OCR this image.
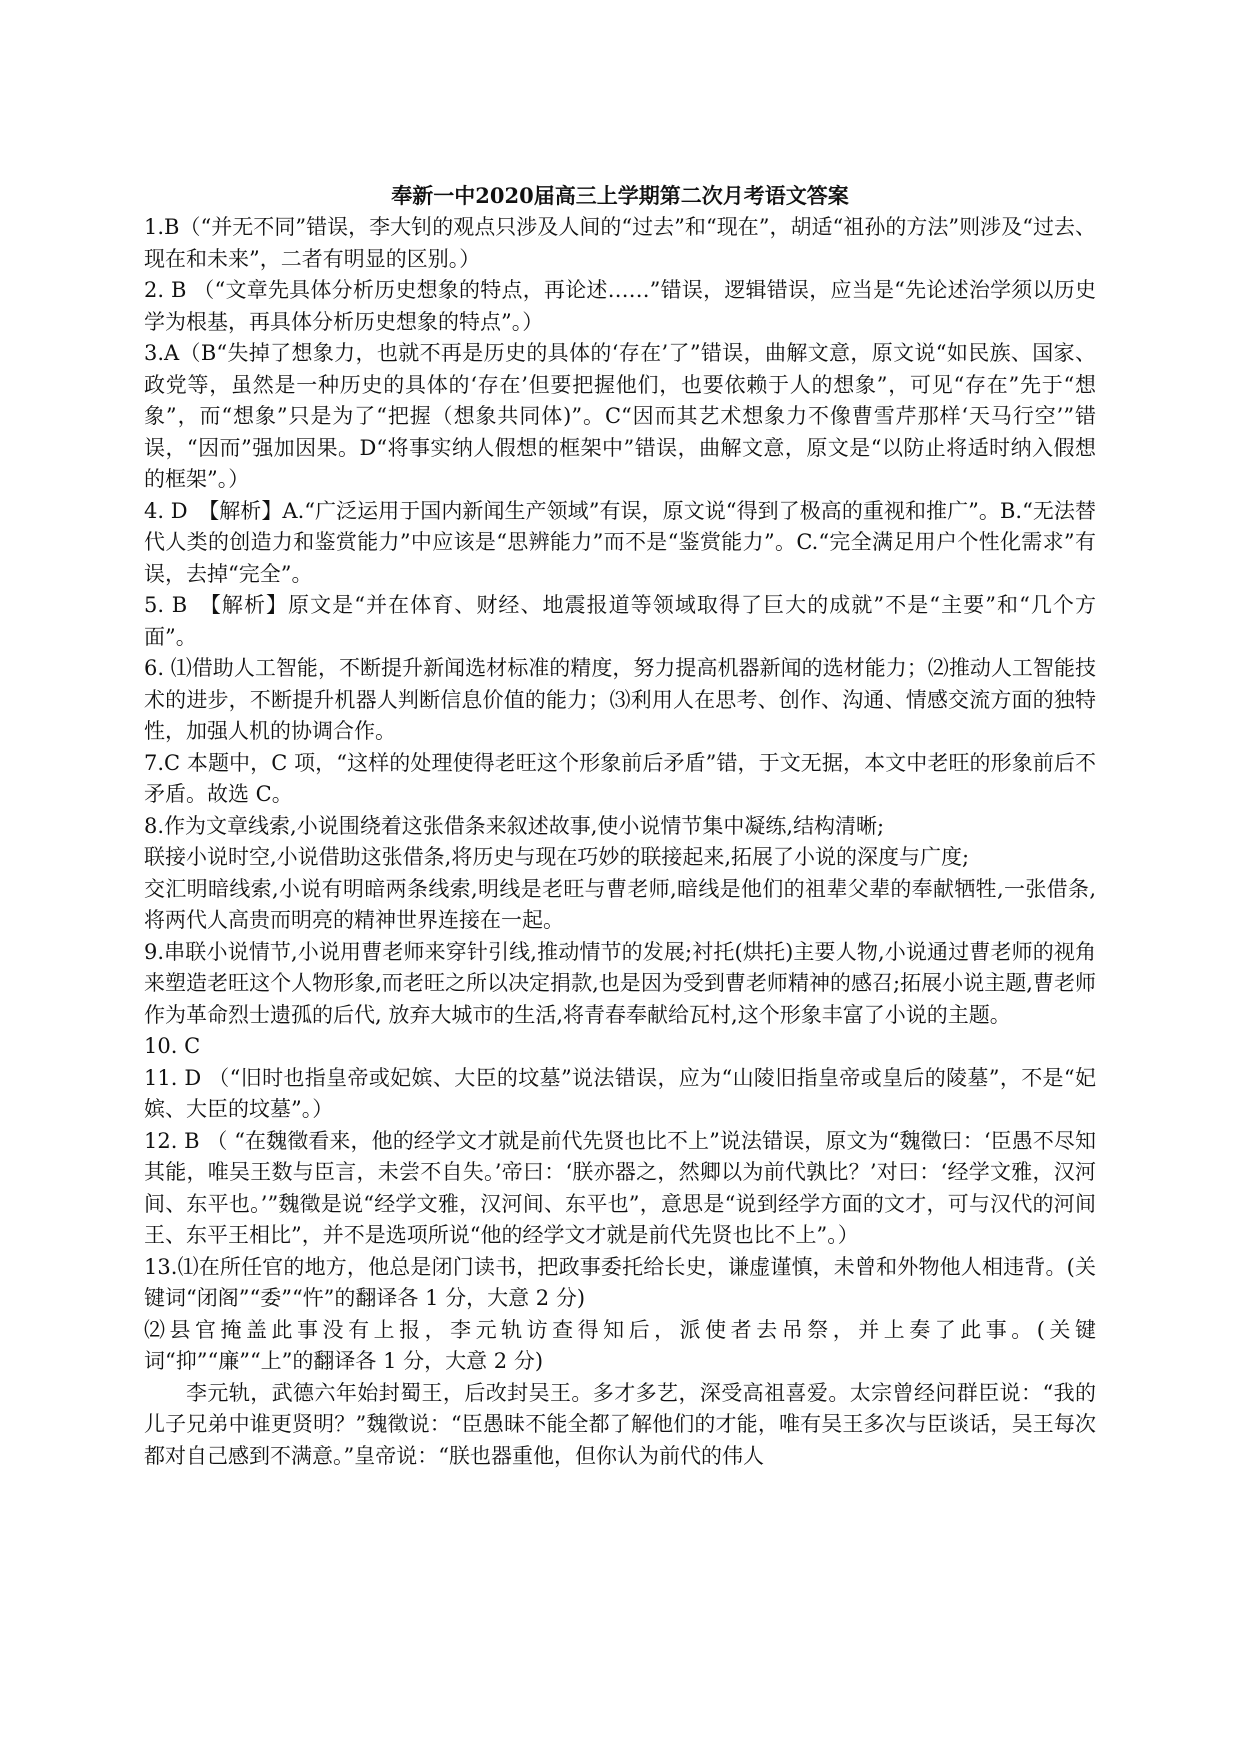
奉新一中2020届高三上学期第二次月考语文答案

1.B（“并无不同”错误，李大钊的观点只涉及人间的“过去”和“现在”，胡适“祖孙的方法”则涉及“过去、现在和未来”，二者有明显的区别。）

2. B （“文章先具体分析历史想象的特点，再论述……”错误，逻辑错误，应当是“先论述治学须以历史学为根基，再具体分析历史想象的特点”。）

3.A（B“失掉了想象力，也就不再是历史的具体的‘存在’了”错误，曲解文意，原文说“如民族、国家、政党等，虽然是一种历史的具体的‘存在’但要把握他们，也要依赖于人的想象”，可见“存在”先于“想象”，而“想象”只是为了“把握（想象共同体)”。C“因而其艺术想象力不像曹雪芹那样‘天马行空’”错误，“因而”强加因果。D“将事实纳人假想的框架中”错误，曲解文意，原文是“以防止将适时纳入假想的框架”。）

4. D　【解析】A.“广泛运用于国内新闻生产领域”有误，原文说“得到了极高的重视和推广”。B.“无法替代人类的创造力和鉴赏能力”中应该是“思辨能力”而不是“鉴赏能力”。C.“完全满足用户个性化需求”有误，去掉“完全”。

5. B　【解析】原文是“并在体育、财经、地震报道等领域取得了巨大的成就”不是“主要”和“几个方面”。

6. ⑴借助人工智能，不断提升新闻选材标准的精度，努力提高机器新闻的选材能力；⑵推动人工智能技术的进步，不断提升机器人判断信息价值的能力；⑶利用人在思考、创作、沟通、情感交流方面的独特性，加强人机的协调合作。

7.C 本题中，C 项，“这样的处理使得老旺这个形象前后矛盾”错，于文无据，本文中老旺的形象前后不矛盾。故选 C。

8.作为文章线索,小说围绕着这张借条来叙述故事,使小说情节集中凝练,结构清晰;

联接小说时空,小说借助这张借条,将历史与现在巧妙的联接起来,拓展了小说的深度与广度;

交汇明暗线索,小说有明暗两条线索,明线是老旺与曹老师,暗线是他们的祖辈父辈的奉献牺牲,一张借条,将两代人高贵而明亮的精神世界连接在一起。

9.串联小说情节,小说用曹老师来穿针引线,推动情节的发展;衬托(烘托)主要人物,小说通过曹老师的视角来塑造老旺这个人物形象,而老旺之所以决定捐款,也是因为受到曹老师精神的感召;拓展小说主题,曹老师作为革命烈士遗孤的后代, 放弃大城市的生活,将青春奉献给瓦村,这个形象丰富了小说的主题。

10. C

11. D （“旧时也指皇帝或妃嫔、大臣的坟墓”说法错误，应为“山陵旧指皇帝或皇后的陵墓”，不是“妃嫔、大臣的坟墓”。）

12. B （ “在魏徵看来，他的经学文才就是前代先贤也比不上”说法错误，原文为“魏徵曰：‘臣愚不尽知其能，唯吴王数与臣言，未尝不自失。’帝曰：‘朕亦器之，然卿以为前代孰比？’对曰：‘经学文雅，汉河间、东平也。’”魏徵是说“经学文雅，汉河间、东平也”，意思是“说到经学方面的文才，可与汉代的河间王、东平王相比”，并不是选项所说“他的经学文才就是前代先贤也比不上”。）

13.⑴在所任官的地方，他总是闭门读书，把政事委托给长史，谦虚谨慎，未曾和外物他人相违背。(关键词“闭阁”“委”“忤”的翻译各 1 分，大意 2 分)

⑵县官掩盖此事没有上报，李元轨访查得知后，派使者去吊祭，并上奏了此事。(关键词“抑”“廉”“上”的翻译各 1 分，大意 2 分)

李元轨，武德六年始封蜀王，后改封吴王。多才多艺，深受高祖喜爱。太宗曾经问群臣说：“我的儿子兄弟中谁更贤明？”魏徵说：“臣愚昧不能全都了解他们的才能，唯有吴王多次与臣谈话，吴王每次都对自己感到不满意。”皇帝说：“朕也器重他，但你认为前代的伟人
